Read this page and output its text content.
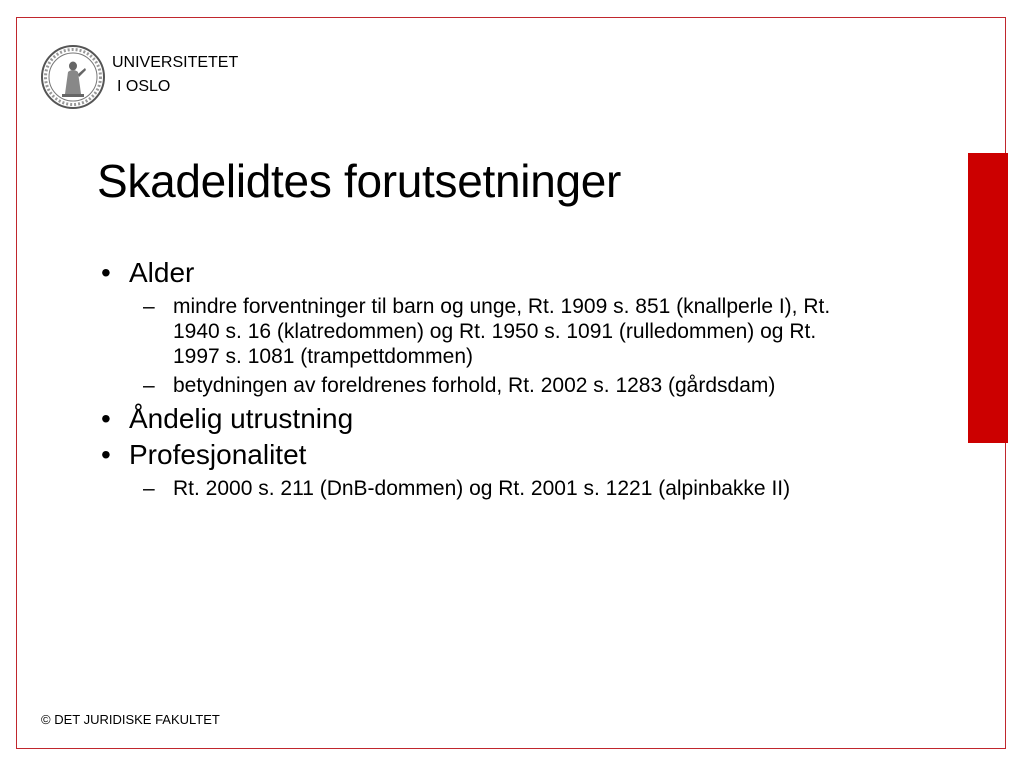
UNIVERSITETET
I OSLO
Skadelidtes forutsetninger
• Alder
– mindre forventninger til barn og unge, Rt. 1909 s. 851 (knallperle I), Rt. 1940 s. 16 (klatredommen) og Rt. 1950 s. 1091 (rulledommen) og Rt. 1997 s. 1081 (trampettdommen)
– betydningen av foreldrenes forhold, Rt. 2002 s. 1283 (gårdsdam)
• Åndelig utrustning
• Profesjonalitet
– Rt. 2000 s. 211 (DnB-dommen) og Rt. 2001 s. 1221 (alpinbakke II)
© DET JURIDISKE FAKULTET
